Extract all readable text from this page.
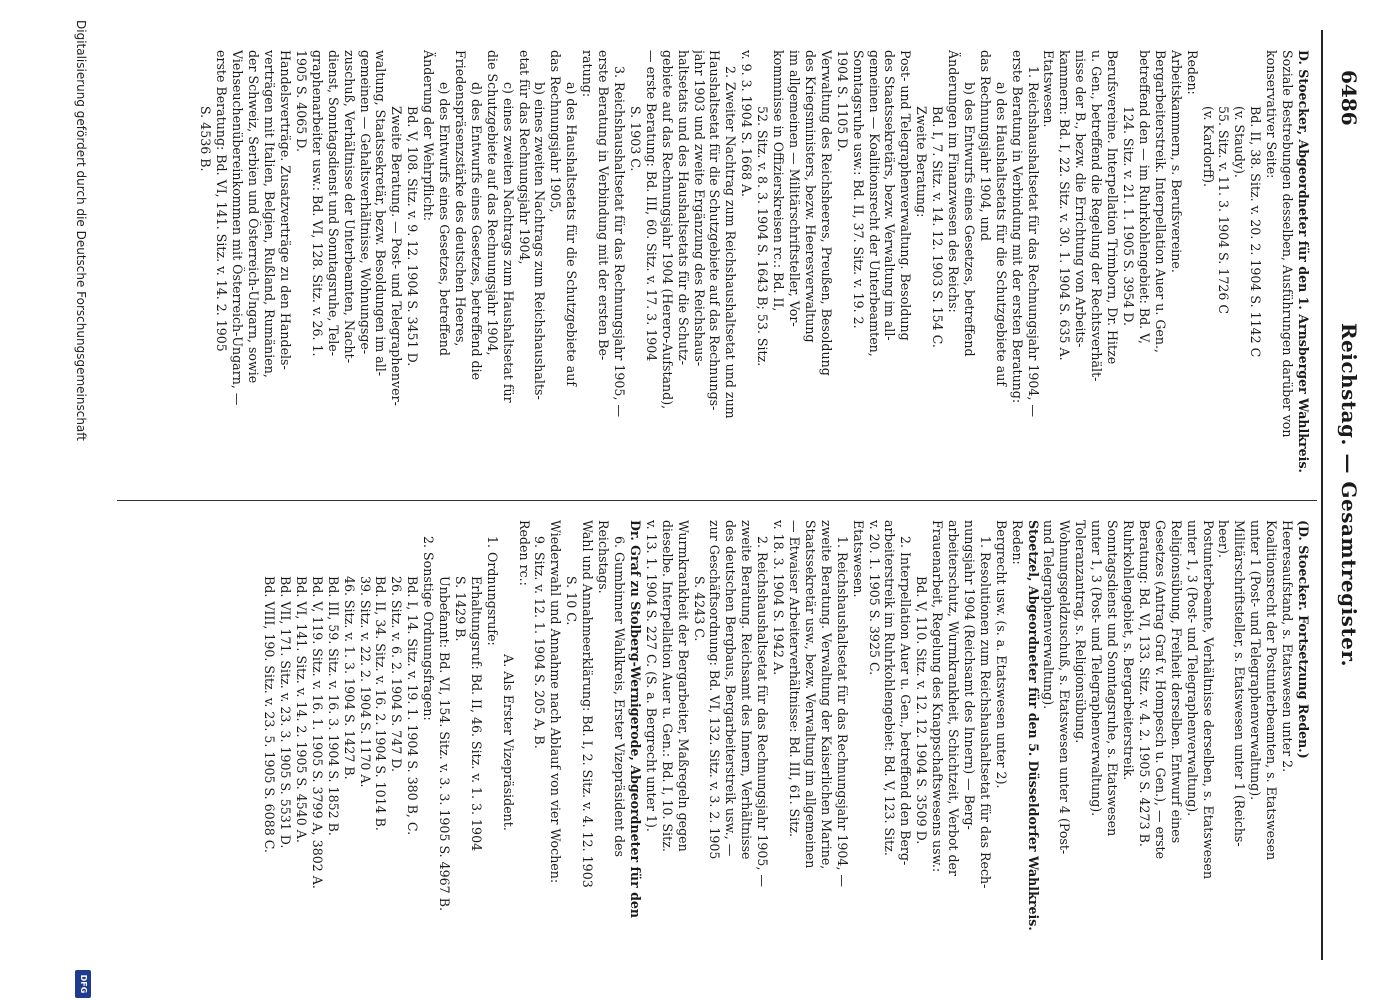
6486
Reichstag. — Gesamtregister.
D. Stoecker, Abgeordneter für den 1. Arnsberger Wahlkreis.
Soziale Bestrebungen desselben, Ausführungen darüber von
konservativer Seite:
Bd. II, 38. Sitz. v. 20. 2. 1904 S. 1142 C
(v. Staudy).
55. Sitz. v. 11. 3. 1904 S. 1726 C
(v. Kardorff).
Reden:
Arbeitskammern, s. Berufsvereine.
Bergarbeiterstreik. Interpellation Auer u. Gen.,
betreffend den — im Ruhrkohlengebiet: Bd. V,
124. Sitz. v. 21. 1. 1905 S. 3954 D.
Berufsvereine. Interpellation Trimborn, Dr. Hitze
u. Gen., betreffend die Regelung der Rechtsverhält-
nisse der B., bezw. die Errichtung von Arbeits-
kammern: Bd. I, 22. Sitz. v. 30. 1. 1904 S. 635 A.
Etatswesen.
1. Reichshaushaltsetat für das Rechnungsjahr 1904, —
erste Beratung in Verbindung mit der ersten Beratung:
a) des Haushaltsetats für die Schutzgebiete auf
das Rechnungsjahr 1904, und
b) des Entwurfs eines Gesetzes, betreffend
Änderungen im Finanzwesen des Reichs:
Bd. I, 7. Sitz. v. 14. 12. 1903 S. 154 C.
Zweite Beratung:
Post- und Telegraphenverwaltung. Besoldung
des Staatssekretärs, bezw. Verwaltung im all-
gemeinen — Koalitionsrecht der Unterbeamten,
Sonntagsruhe usw.: Bd. II, 37. Sitz. v. 19. 2.
1904 S. 1105 D.
Verwaltung des Reichsheeres, Preußen, Besoldung
des Kriegsministers, bezw. Heeresverwaltung
im allgemeinen — Militärschriftsteller, Vor-
kommnisse in Offizierskreisen rc.: Bd. II,
52. Sitz. v. 8. 3. 1904 S. 1643 B; 53. Sitz.
v. 9. 3. 1904 S. 1668 A.
2. Zweiter Nachtrag zum Reichshaushaltsetat und zum
Haushaltsetat für die Schutzgebiete auf das Rechnungs-
jahr 1903 und zweite Ergänzung des Reichshaus-
haltsetats und des Haushaltsetats für die Schutz-
gebiete auf das Rechnungsjahr 1904 (Herero-Aufstand),
— erste Beratung: Bd. III, 60. Sitz. v. 17. 3. 1904
S. 1903 C.
3. Reichshaushaltsetat für das Rechnungsjahr 1905, —
erste Beratung in Verbindung mit der ersten Be-
ratung:
a) des Haushaltsetats für die Schutzgebiete auf
das Rechnungsjahr 1905,
b) eines zweiten Nachtrags zum Reichshaushalts-
etat für das Rechnungsjahr 1904,
c) eines zweiten Nachtrags zum Haushaltsetat für
die Schutzgebiete auf das Rechnungsjahr 1904,
d) des Entwurfs eines Gesetzes, betreffend die
Friedenspräsenzstärke des deutschen Heeres,
e) des Entwurfs eines Gesetzes, betreffend
Änderung der Wehrpflicht:
Bd. V, 108. Sitz. v. 9. 12. 1904 S. 3451 D.
Zweite Beratung. — Post- und Telegraphenver-
waltung, Staatssekretär, bezw. Besoldungen im all-
gemeinen — Gehaltsverhältnisse, Wohnungsge-
zuschuß, Verhältnisse der Unterbeamten, Nacht-
dienst, Sonntagsdienst und Sonntagsruhe, Tele-
graphenarbeiter usw.: Bd. VI, 128. Sitz. v. 26. 1.
1905 S. 4065 D.
Handelsverträge. Zusatzverträge zu den Handels-
verträgen mit Italien, Belgien, Rußland, Rumänien,
der Schweiz, Serbien und Österreich-Ungarn, sowie
Viehseuchenübereinkommen mit Österreich-Ungarn, —
erste Beratung: Bd. VI, 141. Sitz. v. 14. 2. 1905
S. 4536 B.
(D. Stoecker. Fortsetzung Reden.)
Heeresaufstand, s. Etatswesen unter 2.
Koalitionsrecht der Postunterbeamten, s. Etatswesen
unter 1 (Post- und Telegraphenverwaltung).
Militärschriftsteller, s. Etatswesen unter 1 (Reichs-
heer).
Postunterbeamte, Verhältnisse derselben, s. Etatswesen
unter 1, 3 (Post- und Telegraphenverwaltung).
Religionsübung, Freiheit derselben. Entwurf eines
Gesetzes (Antrag Graf v. Hompesch u. Gen.), — erste
Beratung: Bd. VI, 133. Sitz. v. 4. 2. 1905 S. 4273 B.
Ruhrkohlengebiet, s. Bergarbeiterstreik.
Sonntagsdienst und Sonntagsruhe, s. Etatswesen
unter 1, 3 (Post- und Telegraphenverwaltung).
Toleranzantrag, s. Religionsübung.
Wohnungsgeldzuschuß, s. Etatswesen unter 4 (Post-
und Telegraphenverwaltung).
Stoetzel, Abgeordneter für den 5. Düsseldorfer Wahlkreis.
Reden:
Bergrecht usw. (s. a. Etatswesen unter 2).
1. Resolutionen zum Reichshaushaltsetat für das Rech-
nungsjahr 1904 (Reichsamt des Innern) — Berg-
arbeiterschutz, Wurmkrankheit, Schichtzeit, Verbot der
Frauenarbeit, Regelung des Knappschaftswesens usw.:
Bd. V, 110. Sitz. v. 12. 12. 1904 S. 3509 D.
2. Interpellation Auer u. Gen., betreffend den Berg-
arbeiterstreik im Ruhrkohlengebiet: Bd. V, 123. Sitz.
v. 20. 1. 1905 S. 3925 C.
Etatswesen.
1. Reichshaushaltsetat für das Rechnungsjahr 1904, —
zweite Beratung. Verwaltung der Kaiserlichen Marine,
Staatssekretär usw., bezw. Verwaltung im allgemeinen
— Etwaiser Arbeiterverhältnisse: Bd. III, 61. Sitz.
v. 18. 3. 1904 S. 1942 A.
2. Reichshaushaltsetat für das Rechnungsjahr 1905, —
zweite Beratung. Reichsamt des Innern, Verhältnisse
des deutschen Bergbaus, Bergarbeiterstreik usw., —
zur Geschäftsordnung: Bd. VI, 132. Sitz. v. 3. 2. 1905
S. 4243 C.
Wurmkrankheit der Bergarbeiter, Maßregeln gegen
dieselbe. Interpellation Auer u. Gen.: Bd. I, 10. Sitz.
v. 13. 1. 1904 S. 227 C. (S. a. Bergrecht unter 1).
Dr. Graf zu Stolberg-Wernigerode, Abgeordneter für den
6. Gumbinner Wahlkreis, Erster Vizepräsident des
Reichstags.
Wahl und Annahmeerklärung: Bd. I, 2. Sitz. v. 4. 12. 1903
S. 10 C.
Wiederwahl und Annahme nach Ablauf von vier Wochen:
9. Sitz. v. 12. 1. 1904 S. 205 A, B.
Reden rc.:
A. Als Erster Vizepräsident.
1. Ordnungsrufe:
Erhaltungsruf: Bd. II, 46. Sitz. v. 1. 3. 1904
S. 1429 B.
Unbefannt: Bd. VI, 154. Sitz. v. 3. 3. 1905 S. 4967 B.
2. Sonstige Ordnungsfragen:
Bd. I, 14. Sitz. v. 19. 1. 1904 S. 380 B, C.
26. Sitz. v. 6. 2. 1904 S. 747 D.
Bd. II, 34. Sitz. v. 16. 2. 1904 S. 1014 B.
39. Sitz. v. 22. 2. 1904 S. 1170 A.
46. Sitz. v. 1. 3. 1904 S. 1427 B.
Bd. III, 59. Sitz. v. 16. 3. 1904 S. 1852 B.
Bd. V, 119. Sitz. v. 16. 1. 1905 S. 3799 A, 3802 A.
Bd. VI, 141. Sitz. v. 14. 2. 1905 S. 4540 A.
Bd. VII, 171. Sitz. v. 23. 3. 1905 S. 5531 D.
Bd. VIII, 190. Sitz. v. 23. 5. 1905 S. 6088 C.
Digitalisierung gefördert durch die Deutsche Forschungsgemeinschaft
DFG
